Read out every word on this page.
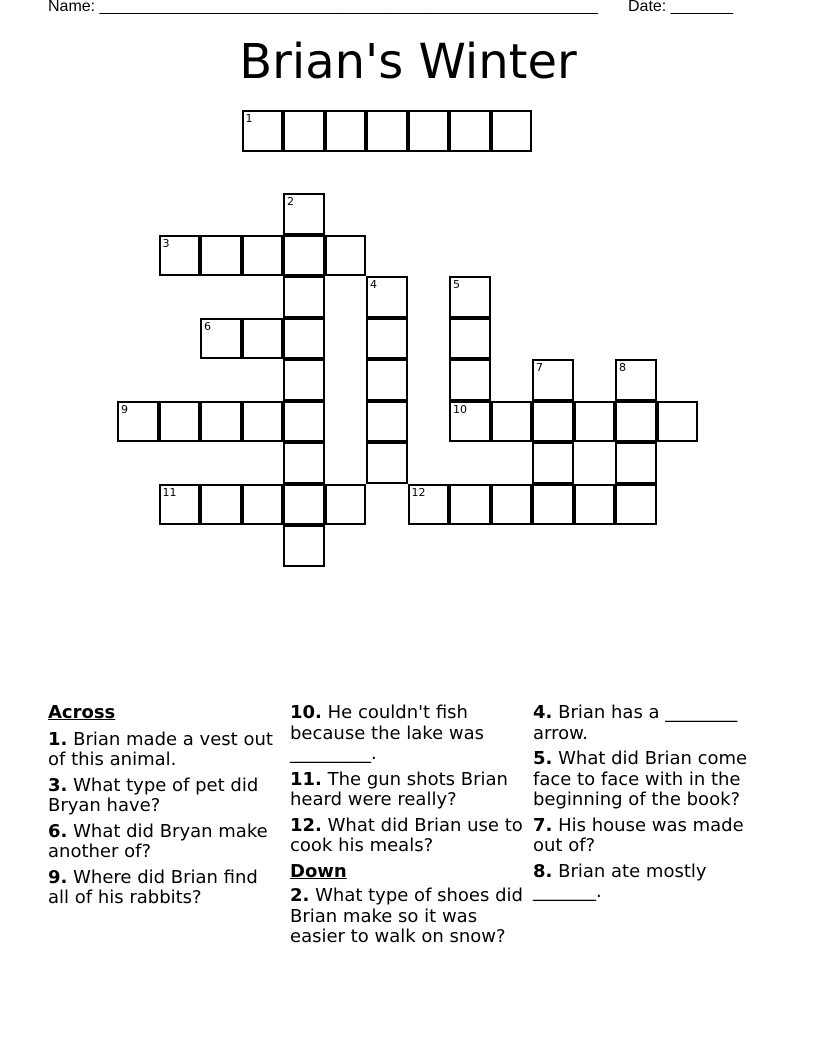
Name: ________________________________________________________ Date: _______
Brian's Winter
1
2
3
4	5
6
7	8
9	10
11	12
Across

1. Brian made a vest out of this animal.

3. What type of pet did Bryan have?

6. What did Bryan make another of?

9. Where did Brian find all of his rabbits?

10. He couldn't fish because the lake was _________.

11. The gun shots Brian heard were really?

12. What did Brian use to cook his meals?

Down

2. What type of shoes did Brian make so it was easier to walk on snow?

4. Brian has a ________ arrow.

5. What did Brian come face to face with in the beginning of the book?

7. His house was made out of?

8. Brian ate mostly _______.
